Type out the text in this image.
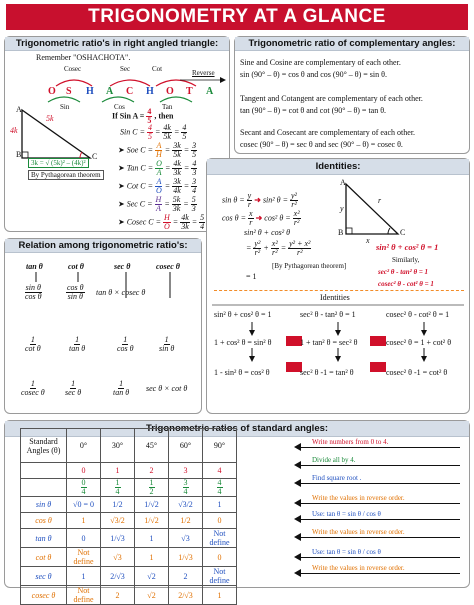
TRIGONOMETRY AT A GLANCE
Trigonometric ratio's in right angled triangle:
Remember "OSHACHOTA".
Cosec	Sec	Cot	Reverse
O S H A C H O T A
Sin	Cos	Tan
A
B	C
5k
4k
3k = √ (5k)² – (4k)²
By Pythagorean theorem
If Sin $A = \frac{4}{5}$ , then
Sin $C = \frac{4}{5} = \frac{4k}{5k} = \frac{4}{5}$
➤ Soe $C = \frac{A}{H} = \frac{3k}{5k} = \frac{3}{5}$
➤ Tan $C = \frac{O}{A} = \frac{4k}{3k} = \frac{4}{3}$
➤ Cot $C = \frac{A}{O} = \frac{3k}{4k} = \frac{3}{4}$
➤ Sec $C = \frac{H}{A} = \frac{5k}{3k} = \frac{5}{3}$
➤ Cosec $C = \frac{H}{O} = \frac{4k}{3k} = \frac{5}{4}$
Trigonometric ratio of complementary angles:
Sine and Cosine are complementary of each other.
sin (90° – θ) = cos θ and cos (90° – θ) = sin θ.
Tangent and Cotangent are complementary of each other.
tan (90° – θ) = cot θ and cot (90° – θ) = tan θ.
Secant and Cosecant are complementary of each other.
cosec (90° – θ) = sec θ and sec (90° – θ) = cosec θ.
Relation among trigonometric ratio's:
tan θ	cot θ	sec θ	cosec θ
$\frac{\text{sin θ}}{\text{cos θ}}$	$\frac{\text{cos θ}}{\text{sin θ}}$ tan θ × cosec θ
$\frac{1}{\text{cot θ}}$	$\frac{1}{\text{tan θ}}$	$\frac{1}{\text{cos θ}}$	$\frac{1}{\text{sin θ}}$
$\frac{1}{\text{cosec θ}} \frac{1}{\text{sec θ}}$	$\frac{1}{\text{tan θ}}$ sec θ × cot θ
Identities:
$\sin \theta = \frac{y}{r}$ ➜ sin² $\theta = \frac{\text{y²}}{\text{r²}}$
$\cos \theta = \frac{x}{r}$ ➜ cos² $\theta = \frac{\text{x²}}{\text{r²}}$
sin² θ + cos² θ
= $\frac{\text{y²}}{\text{r²}} + \frac{\text{x²}}{\text{r²}} = \frac{\text{y² + x²}}{\text{r²}}$
[By Pythagorean theorem]
= 1
A
B	C
y
r
x
sin² θ + cos² θ = 1
Similarly,
sec² θ - tan² θ = 1
cosec² θ - cot² θ = 1
Identities
sin² θ + cos² θ = 1	sec² θ - tan² θ = 1	cosec² θ - cot² θ = 1
1 + cos² θ = sin² θ	1 + tan² θ = sec² θ	cosec² θ = 1 + cot² θ
1 - sin² θ = cos² θ	sec² θ -1 = tan² θ	cosec² θ -1 = cot² θ
Trigonometric ratios of standard angles:
Standard Angles (θ)	0°	30°	45°	60°	90°
	0	1	2	3	4

	$\frac{0}{4}$	$\frac{1}{4}$	$\frac{1}{2}$	$\frac{3}{4}$	$\frac{4}{4}$

sin θ	√0 = 0	1/2	1/√2	√3/2	1
cos θ	1	√3/2	1/√2	1/2	0
tan θ	0	1/√3	1	√3	Not define
cot θ	Not define	√3	1	1/√3	0
sec θ	1	2/√3	√2	2	Not define
cosec θ	Not define	2	√2	2/√3	1
Write numbers from 0 to 4.
Divide all by 4.
Find square root .
Write the values in reverse order.
Use: tan θ = sin θ / cos θ
Write the values in reverse order.
Use: tan θ = sin θ / cos θ
Write the values in reverse order.
